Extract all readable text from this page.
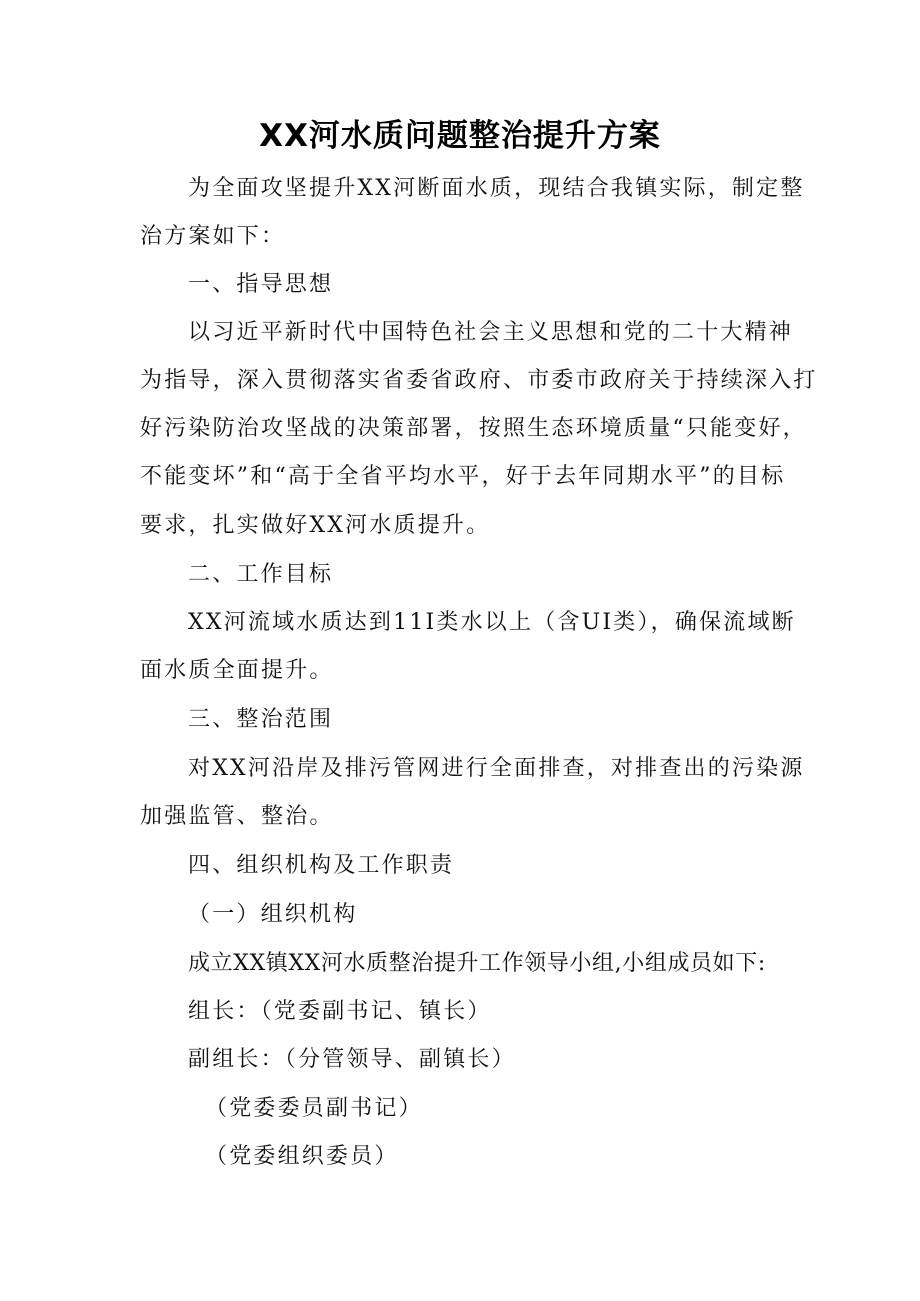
XX河水质问题整治提升方案
为全面攻坚提升XX河断面水质，现结合我镇实际，制定整
治方案如下：
一、指导思想
以习近平新时代中国特色社会主义思想和党的二十大精神
为指导，深入贯彻落实省委省政府、市委市政府关于持续深入打
好污染防治攻坚战的决策部署，按照生态环境质量“只能变好，
不能变坏”和“高于全省平均水平，好于去年同期水平”的目标
要求，扎实做好XX河水质提升。
二、工作目标
XX河流域水质达到11I类水以上（含UI类），确保流域断
面水质全面提升。
三、整治范围
对XX河沿岸及排污管网进行全面排查，对排查出的污染源
加强监管、整治。
四、组织机构及工作职责
（一）组织机构
成立XX镇XX河水质整治提升工作领导小组,小组成员如下:
组长：（党委副书记、镇长）
副组长：（分管领导、副镇长）
（党委委员副书记）
（党委组织委员）
